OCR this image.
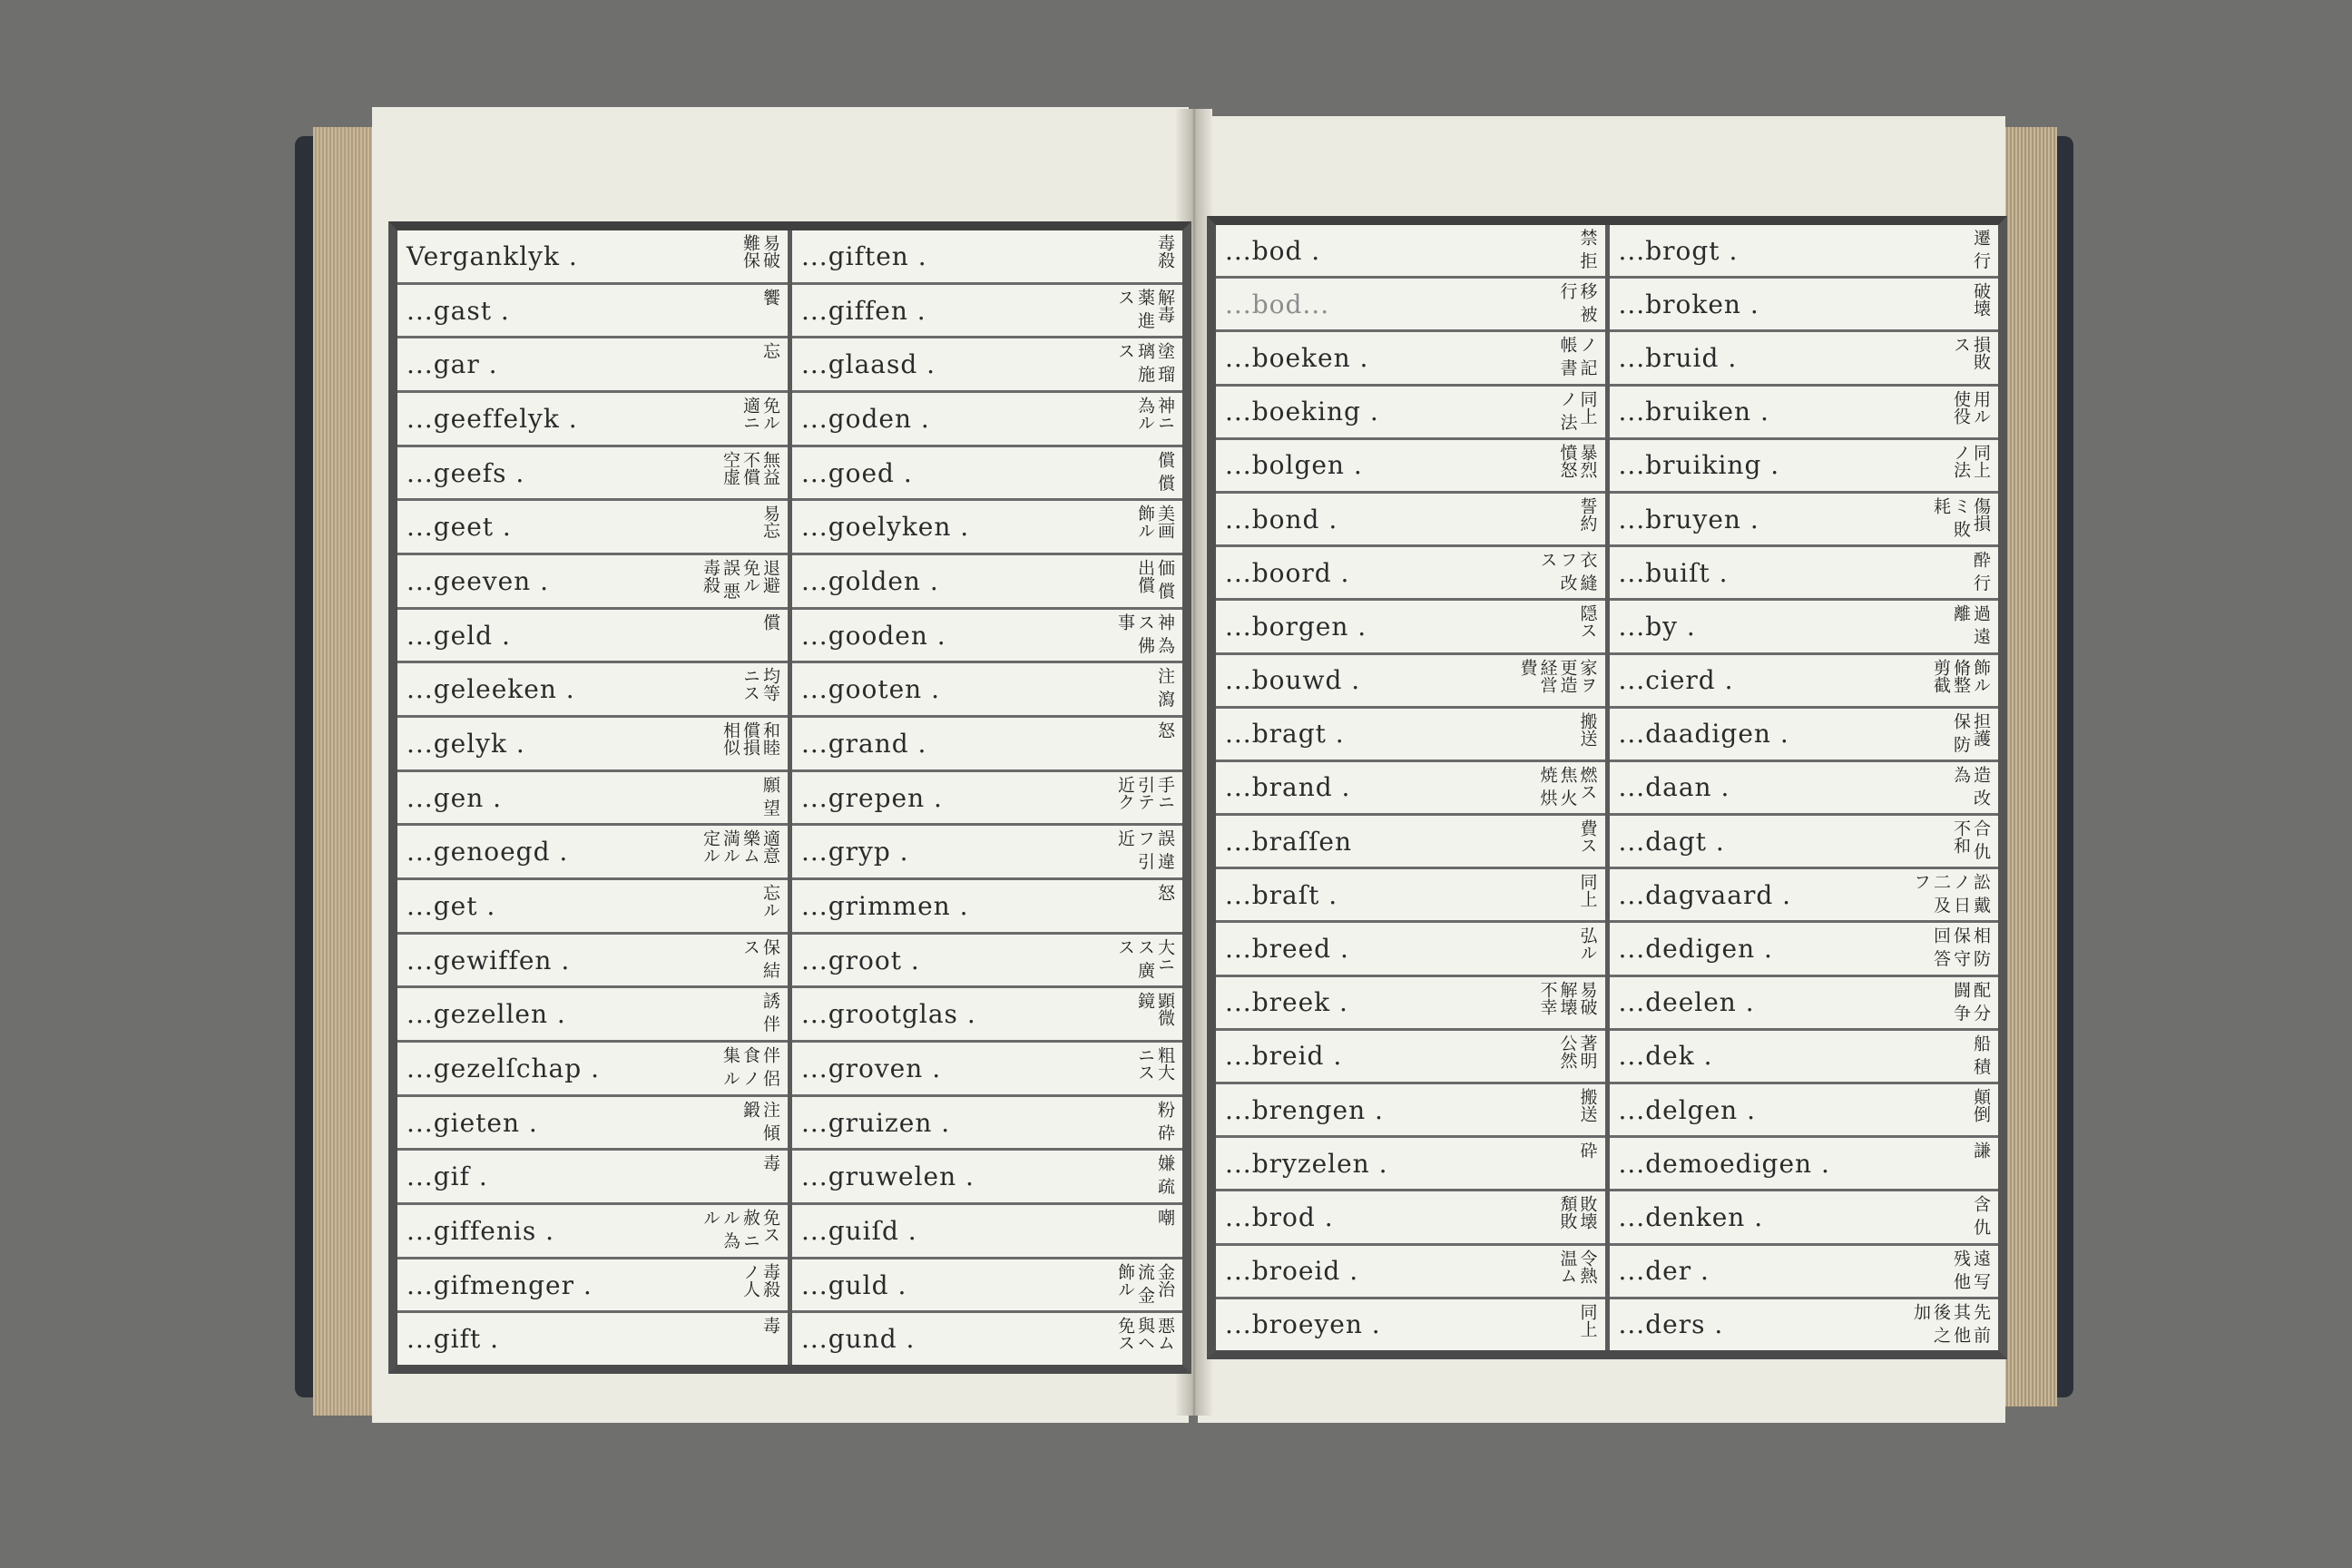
Verganklyk .	易破 難保
...gast .	饗
...gar .	忘
...geeffelyk .	免ル 適ニ
...geefs .	無益 不償 空虚
...geet .	易忘
...geeven .	退避 免ル 誤 悪 毒殺
...geld .	償
...geleeken .	均等 ニス
...gelyk .	和睦 償損 相似
...gen .	願 望
...genoegd .	適意 樂ム 満ル 定ル
...get .	忘ル
...gewiffen .	保 結ス
...gezellen .	誘 伴
...gezelſchap .	伴 侶 食 ノ 集 ル
...gieten .	注 傾 鍛
...gif .	毒
...giffenis .	免ス 赦 ニル 為ル
...gifmenger .	毒殺 ノ人
...gift .	毒
...giften .	毒殺
...giffen .	解毒 薬 進ス
...glaasd .	塗 瑠璃 施ス
...goden .	神ニ 為ル
...goed .	償 償
...goelyken .	美画 飾ル
...golden .	価 償 出償
...gooden .	神 為ス 佛事
...gooten .	注 瀉
...grand .	怒
...grepen .	手ニ 引テ 近ク
...gryp .	誤 違フ 引近
...grimmen .	怒
...groot .	大ニス 廣ス
...grootglas .	顕微 鏡
...groven .	粗大 ニス
...gruizen .	粉 砕
...gruwelen .	嫌 疏
...guiſd .	嘲
...guld .	金治 流 金 飾ル
...gund .	悪ム 與ヘ 免ス
...bod .	禁 拒
...bod...	移 被 行
...boeken .	ノ 記 帳 書
...boeking .	同上 ノ 法
...bolgen .	暴烈 憤怒
...bond .	誓約
...boord .	衣 縫フ 改ス
...borgen .	隠ス
...bouwd .	家ヲ 更造 経営 費
...bragt .	搬送
...brand .	燃ス 焦 火 焼 烘
...braſſen	費ス
...braſt .	同上
...breed .	弘ル
...breek .	易破 解壊 不幸
...breid .	著明 公然
...brengen .	搬送
...bryzelen .	砕
...brod .	敗壊 頽敗
...broeid .	令熱 温ム
...broeyen .	同上
...brogt .	遷 行
...broken .	破壊
...bruid .	損敗 ス
...bruiken .	用ル 使役
...bruiking .	同上 ノ法
...bruyen .	傷損 ミ 敗耗
...buiſt .	酔 行
...by .	過 遠離
...cierd .	飾ル 脩整 剪截
...daadigen .	担護 保 防
...daan .	造 改 為
...dagt .	合 仇 不和
...dagvaard .	訟 戴 ノ 日 二 及 フ
...dedigen .	相 防 保 守 回 答
...deelen .	配 分 闘 争
...dek .	船 積
...delgen .	顛倒
...demoedigen .	謙
...denken .	含 仇
...der .	遠 写 残 他
...ders .	先 前 其 他 後 之 加
